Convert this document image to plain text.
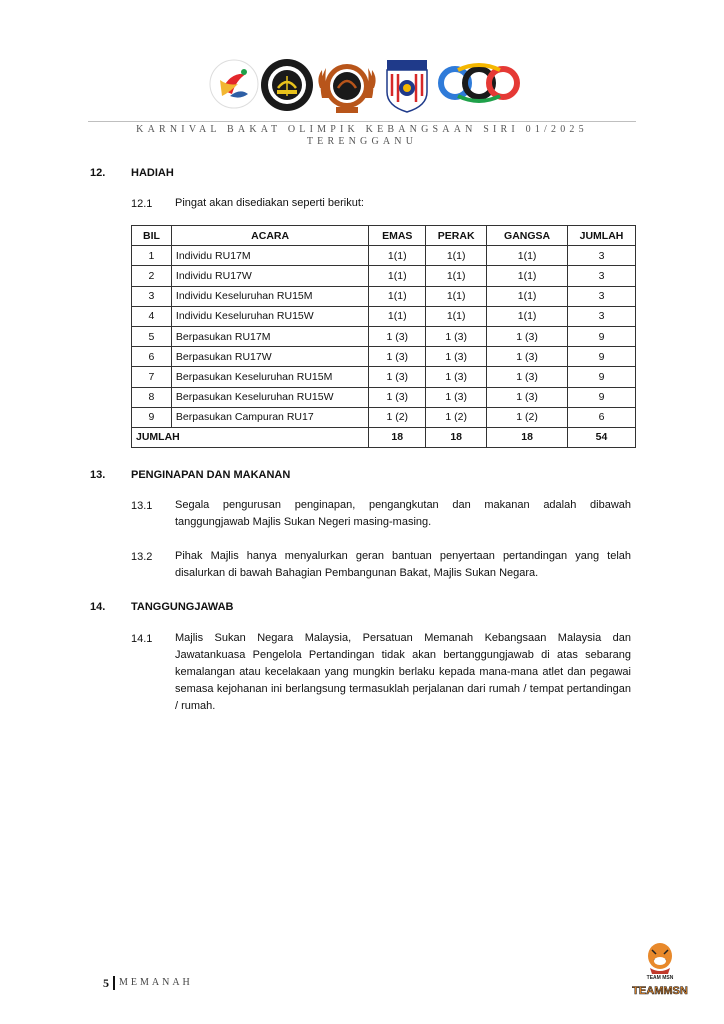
KARNIVAL BAKAT OLIMPIK KEBANGSAAN SIRI 01/2025
TERENGGANU
12. HADIAH
12.1 Pingat akan disediakan seperti berikut:
BIL	ACARA	EMAS	PERAK	GANGSA	JUMLAH
1	Individu RU17M	1(1)	1(1)	1(1)	3
2	Individu RU17W	1(1)	1(1)	1(1)	3
3	Individu Keseluruhan RU15M	1(1)	1(1)	1(1)	3
4	Individu Keseluruhan RU15W	1(1)	1(1)	1(1)	3
5	Berpasukan RU17M	1 (3)	1 (3)	1 (3)	9
6	Berpasukan RU17W	1 (3)	1 (3)	1 (3)	9
7	Berpasukan Keseluruhan RU15M	1 (3)	1 (3)	1 (3)	9
8	Berpasukan Keseluruhan RU15W	1 (3)	1 (3)	1 (3)	9
9	Berpasukan Campuran RU17	1 (2)	1 (2)	1 (2)	6
JUMLAH		18	18	18	54
13. PENGINAPAN DAN MAKANAN
13.1 Segala pengurusan penginapan, pengangkutan dan makanan adalah dibawah tanggungjawab Majlis Sukan Negeri masing-masing.
13.2 Pihak Majlis hanya menyalurkan geran bantuan penyertaan pertandingan yang telah disalurkan di bawah Bahagian Pembangunan Bakat, Majlis Sukan Negara.
14. TANGGUNGJAWAB
14.1 Majlis Sukan Negara Malaysia, Persatuan Memanah Kebangsaan Malaysia dan Jawatankuasa Pengelola Pertandingan tidak akan bertanggungjawab di atas sebarang kemalangan atau kecelakaan yang mungkin berlaku kepada mana-mana atlet dan pegawai semasa kejohanan ini berlangsung termasuklah perjalanan dari rumah / tempat pertandingan / rumah.
5 MEMANAH	TEAM MSN
TEAMMSN
